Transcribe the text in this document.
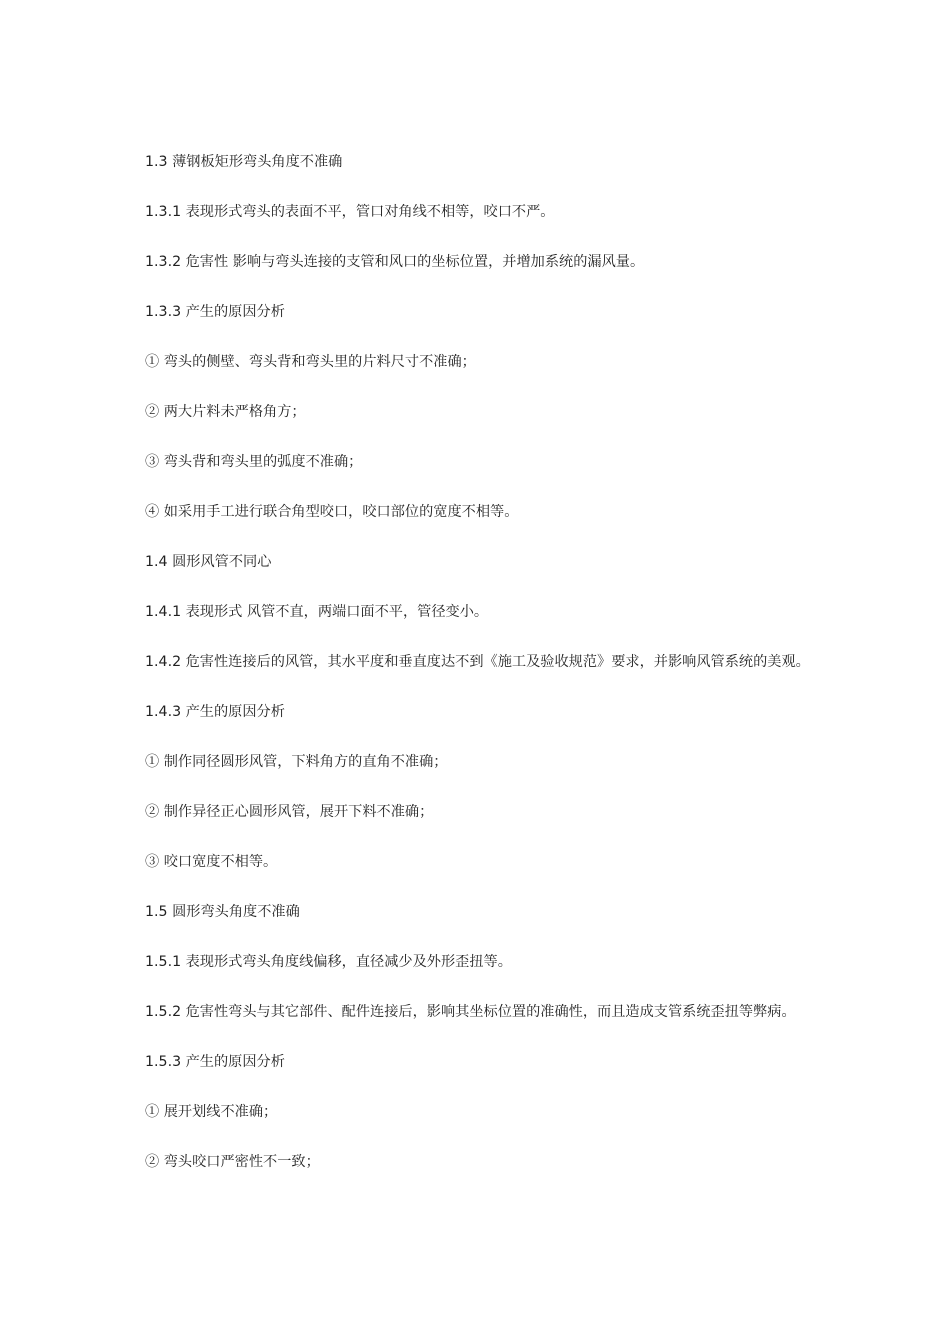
1.3 薄钢板矩形弯头角度不准确

1.3.1 表现形式弯头的表面不平，管口对角线不相等，咬口不严。

1.3.2 危害性 影响与弯头连接的支管和风口的坐标位置，并增加系统的漏风量。

1.3.3 产生的原因分析

① 弯头的侧壁、弯头背和弯头里的片料尺寸不准确；

② 两大片料未严格角方；

③ 弯头背和弯头里的弧度不准确；

④ 如采用手工进行联合角型咬口，咬口部位的宽度不相等。

1.4 圆形风管不同心

1.4.1 表现形式 风管不直，两端口面不平，管径变小。

1.4.2 危害性连接后的风管，其水平度和垂直度达不到《施工及验收规范》要求，并影响风管系统的美观。

1.4.3 产生的原因分析

① 制作同径圆形风管，下料角方的直角不准确；

② 制作异径正心圆形风管，展开下料不准确；

③ 咬口宽度不相等。

1.5 圆形弯头角度不准确

1.5.1 表现形式弯头角度线偏移，直径减少及外形歪扭等。

1.5.2 危害性弯头与其它部件、配件连接后，影响其坐标位置的准确性，而且造成支管系统歪扭等弊病。

1.5.3 产生的原因分析

① 展开划线不准确；

② 弯头咬口严密性不一致；
